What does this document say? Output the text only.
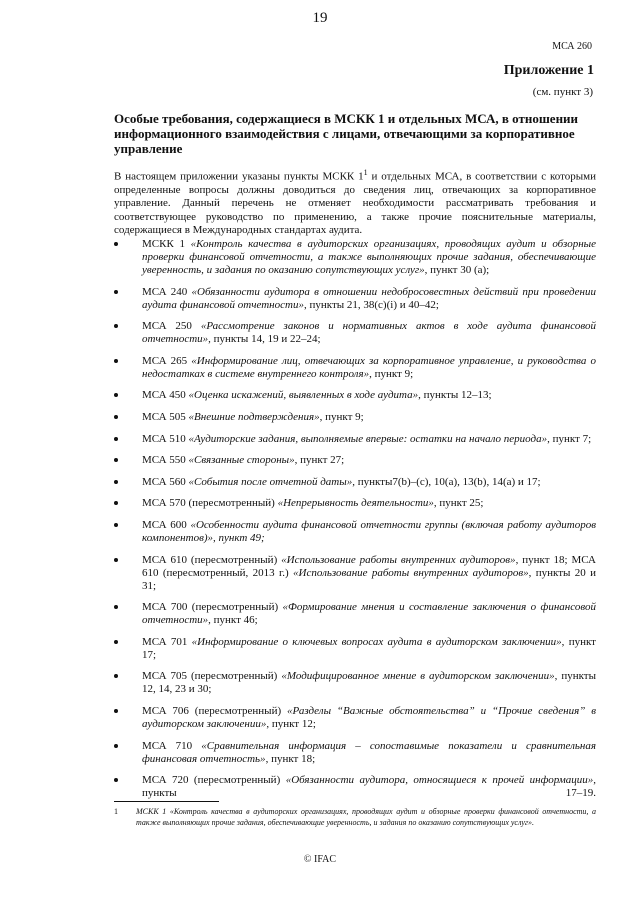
19
МСА 260
Приложение 1
(см. пункт 3)
Особые требования, содержащиеся в МСКК 1 и отдельных МСА, в отношении информационного взаимодействия с лицами, отвечающими за корпоративное управление

В настоящем приложении указаны пункты МСКК $1^1$ и отдельных МСА, в соответствии с которыми определенные вопросы должны доводиться до сведения лиц, отвечающих за корпоративное управление. Данный перечень не отменяет необходимости рассматривать требования и соответствующее руководство по применению, а также прочие пояснительные материалы, содержащиеся в Международных стандартах аудита.

МСКК 1 «Контроль качества в аудиторских организациях, проводящих аудит и обзорные проверки финансовой отчетности, а также выполняющих прочие задания, обеспечивающие уверенность, и задания по оказанию сопутствующих услуг», пункт 30 (а);
МСА 240 «Обязанности аудитора в отношении недобросовестных действий при проведении аудита финансовой отчетности», пункты 21, 38(c)(i) и 40–42;
МСА 250 «Рассмотрение законов и нормативных актов в ходе аудита финансовой отчетности», пункты 14, 19 и 22–24;
МСА 265 «Информирование лиц, отвечающих за корпоративное управление, и руководства о недостатках в системе внутреннего контроля», пункт 9;
МСА 450 «Оценка искажений, выявленных в ходе аудита», пункты 12–13;
МСА 505 «Внешние подтверждения», пункт 9;
МСА 510 «Аудиторские задания, выполняемые впервые: остатки на начало периода», пункт 7;
МСА 550 «Связанные стороны», пункт 27;
МСА 560 «События после отчетной даты», пункты7(b)–(c), 10(a), 13(b), 14(a) и 17;
МСА 570 (пересмотренный) «Непрерывность деятельности», пункт 25;
МСА 600 «Особенности аудита финансовой отчетности группы (включая работу аудиторов компонентов)», пункт 49;
МСА 610 (пересмотренный) «Использование работы внутренних аудиторов», пункт 18; МСА 610 (пересмотренный, 2013 г.) «Использование работы внутренних аудиторов», пункты 20 и 31;
МСА 700 (пересмотренный) «Формирование мнения и составление заключения о финансовой отчетности», пункт 46;
МСА 701 «Информирование о ключевых вопросах аудита в аудиторском заключении», пункт 17;
МСА 705 (пересмотренный) «Модифицированное мнение в аудиторском заключении», пункты 12, 14, 23 и 30;
МСА 706 (пересмотренный) «Разделы “Важные обстоятельства” и “Прочие сведения” в аудиторском заключении», пункт 12;
МСА 710 «Сравнительная информация – сопоставимые показатели и сравнительная финансовая отчетность», пункт 18;
МСА 720 (пересмотренный) «Обязанности аудитора, относящиеся к прочей информации», пункты	17–19.
1 МСКК 1 «Контроль качества в аудиторских организациях, проводящих аудит и обзорные проверки финансовой отчетности, а также выполняющих прочие задания, обеспечивающие уверенность, и задания по оказанию сопутствующих услуг».
© IFAC
